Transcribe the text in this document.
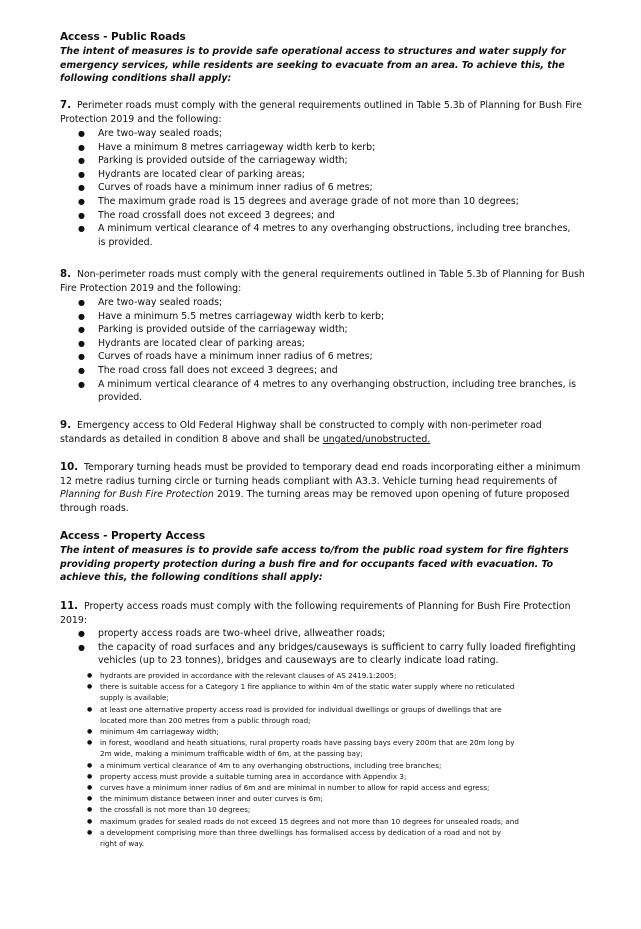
Access - Public Roads
The intent of measures is to provide safe operational access to structures and water supply for emergency services, while residents are seeking to evacuate from an area. To achieve this, the following conditions shall apply:
7. Perimeter roads must comply with the general requirements outlined in Table 5.3b of Planning for Bush Fire Protection 2019 and the following:
● Are two-way sealed roads;
● Have a minimum 8 metres carriageway width kerb to kerb;
● Parking is provided outside of the carriageway width;
● Hydrants are located clear of parking areas;
● Curves of roads have a minimum inner radius of 6 metres;
● The maximum grade road is 15 degrees and average grade of not more than 10 degrees;
● The road crossfall does not exceed 3 degrees; and
● A minimum vertical clearance of 4 metres to any overhanging obstructions, including tree branches, is provided.
8. Non-perimeter roads must comply with the general requirements outlined in Table 5.3b of Planning for Bush Fire Protection 2019 and the following:
● Are two-way sealed roads;
● Have a minimum 5.5 metres carriageway width kerb to kerb;
● Parking is provided outside of the carriageway width;
● Hydrants are located clear of parking areas;
● Curves of roads have a minimum inner radius of 6 metres;
● The road cross fall does not exceed 3 degrees; and
● A minimum vertical clearance of 4 metres to any overhanging obstruction, including tree branches, is provided.
9. Emergency access to Old Federal Highway shall be constructed to comply with non-perimeter road standards as detailed in condition 8 above and shall be ungated/unobstructed.
10. Temporary turning heads must be provided to temporary dead end roads incorporating either a minimum 12 metre radius turning circle or turning heads compliant with A3.3. Vehicle turning head requirements of Planning for Bush Fire Protection 2019. The turning areas may be removed upon opening of future proposed through roads.
Access - Property Access
The intent of measures is to provide safe access to/from the public road system for fire fighters providing property protection during a bush fire and for occupants faced with evacuation. To achieve this, the following conditions shall apply:
11. Property access roads must comply with the following requirements of Planning for Bush Fire Protection 2019:
● property access roads are two-wheel drive, allweather roads;
● the capacity of road surfaces and any bridges/causeways is sufficient to carry fully loaded firefighting vehicles (up to 23 tonnes), bridges and causeways are to clearly indicate load rating.
● hydrants are provided in accordance with the relevant clauses of AS 2419.1:2005;
● there is suitable access for a Category 1 fire appliance to within 4m of the static water supply where no reticulated supply is available;
● at least one alternative property access road is provided for individual dwellings or groups of dwellings that are located more than 200 metres from a public through road;
● minimum 4m carriageway width;
● in forest, woodland and heath situations, rural property roads have passing bays every 200m that are 20m long by 2m wide, making a minimum trafficable width of 6m, at the passing bay;
● a minimum vertical clearance of 4m to any overhanging obstructions, including tree branches;
● property access must provide a suitable turning area in accordance with Appendix 3;
● curves have a minimum inner radius of 6m and are minimal in number to allow for rapid access and egress;
● the minimum distance between inner and outer curves is 6m;
● the crossfall is not more than 10 degrees;
● maximum grades for sealed roads do not exceed 15 degrees and not more than 10 degrees for unsealed roads; and
● a development comprising more than three dwellings has formalised access by dedication of a road and not by right of way.
